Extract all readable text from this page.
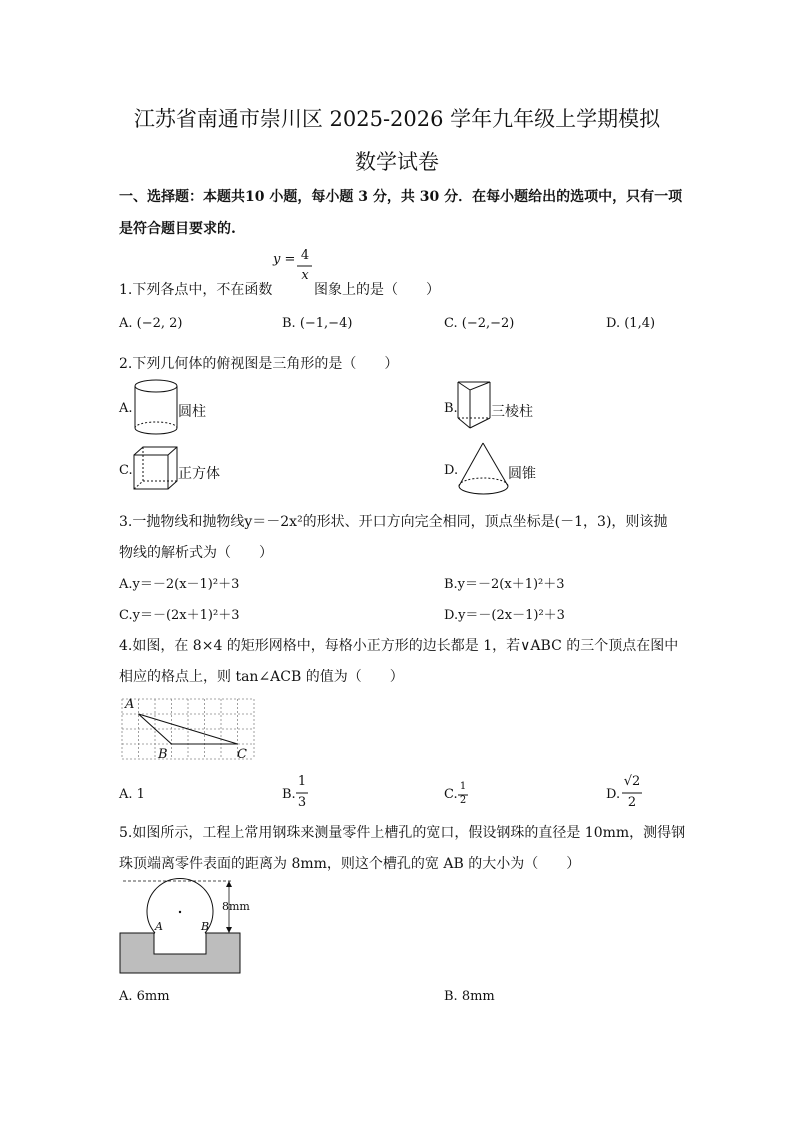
江苏省南通市崇川区 2025-2026 学年九年级上学期模拟
数学试卷
一、选择题：本题共10 小题，每小题 3 分，共 30 分．在每小题给出的选项中，只有一项
是符合题目要求的.
1.下列各点中，不在函数
y = 4
x
图象上的是（　　）
A. (−2, 2)	B. (−1,−4)	C. (−2,−2)	D. (1,4)
2.下列几何体的俯视图是三角形的是（　　）
A.	圆柱	B. 三棱柱
C.	正方体	D.	圆锥
3.一抛物线和抛物线y＝－2x²的形状、开口方向完全相同，顶点坐标是(－1，3)，则该抛
物线的解析式为（　　）
A.y＝－2(x－1)²＋3	B.y＝－2(x＋1)²＋3
C.y＝－(2x＋1)²＋3	D.y＝－(2x－1)²＋3
4.如图，在 8×4 的矩形网格中，每格小正方形的边长都是 1，若∨ABC 的三个顶点在图中
相应的格点上，则 tan∠ACB 的值为（　　）
A
B	C
A. 1	B.
1
3
C.
1
2	D.
√2
2
5.如图所示，工程上常用钢珠来测量零件上槽孔的宽口，假设钢珠的直径是 10mm，测得钢
珠顶端离零件表面的距离为 8mm，则这个槽孔的宽 AB 的大小为（　　）
8mm
A	B
A. 6mm	B. 8mm
